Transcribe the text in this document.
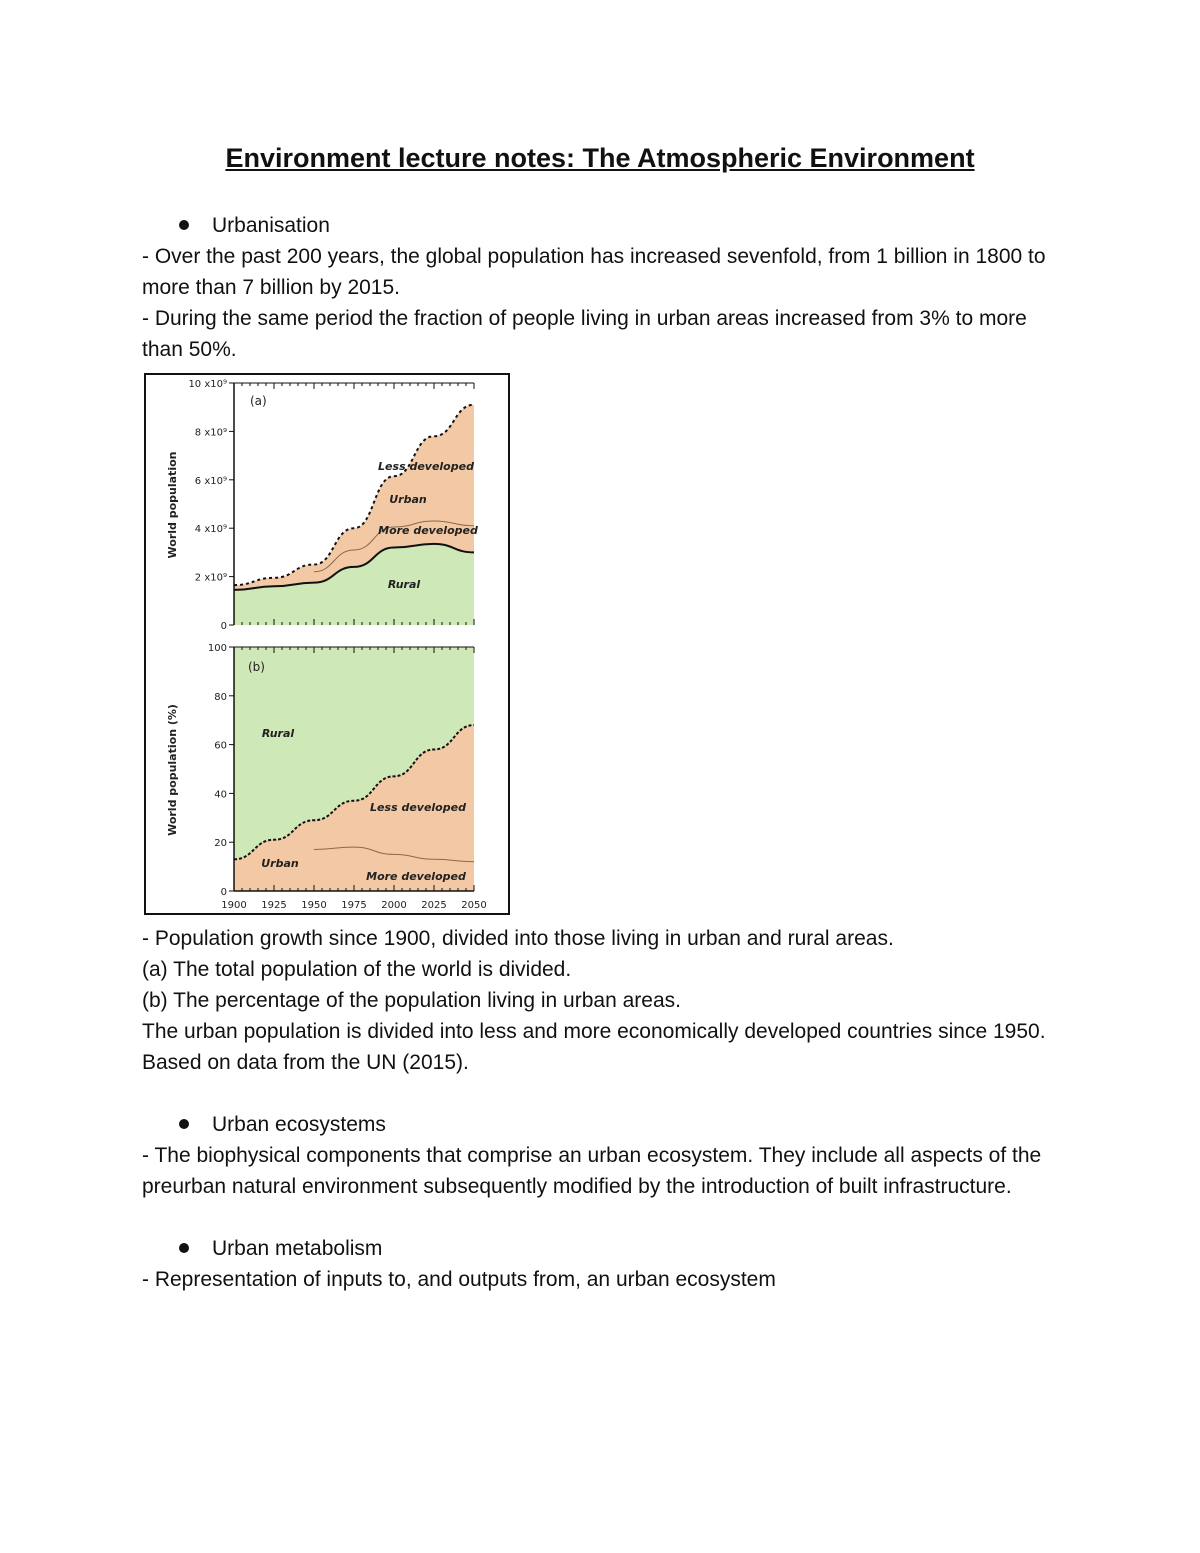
Environment lecture notes: The Atmospheric Environment
Urbanisation

- Over the past 200 years, the global population has increased sevenfold, from 1 billion in 1800 to more than 7 billion by 2015.

- During the same period the fraction of people living in urban areas increased from 3% to more than 50%.

0
2 x10⁹
4 x10⁹
6 x10⁹
8 x10⁹
10 x10⁹
(a)
World population	Less developed
Urban
More developed
Rural
0
20
40
60
80
100
1900 1925 1950 1975 2000 2025 2050
(b)
World population (%)	Rural
Less developed
Urban
More developed

- Population growth since 1900, divided into those living in urban and rural areas.

(a) The total population of the world is divided.

(b) The percentage of the population living in urban areas.

The urban population is divided into less and more economically developed countries since 1950.

Based on data from the UN (2015).

Urban ecosystems

- The biophysical components that comprise an urban ecosystem. They include all aspects of the preurban natural environment subsequently modified by the introduction of built infrastructure.

Urban metabolism

- Representation of inputs to, and outputs from, an urban ecosystem
